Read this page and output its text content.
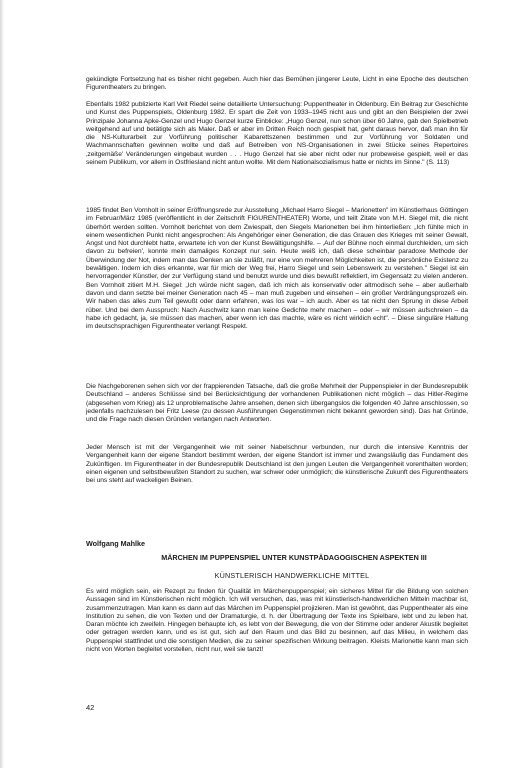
gekündigte Fortsetzung hat es bisher nicht gegeben. Auch hier das Bemühen jüngerer Leute, Licht in eine Epoche des deutschen Figurentheaters zu bringen.

Ebenfalls 1982 publizierte Karl Veit Riedel seine detaillierte Untersuchung: Puppentheater in Oldenburg. Ein Beitrag zur Geschichte und Kunst des Puppenspiels, Oldenburg 1982. Er spart die Zeit von 1933–1945 nicht aus und gibt an den Beispielen der zwei Prinzipale Johanna Apke-Genzel und Hugo Genzel kurze Einblicke: „Hugo Genzel, nun schon über 60 Jahre, gab den Spielbetrieb weitgehend auf und betätigte sich als Maler. Daß er aber im Dritten Reich noch gespielt hat, geht daraus hervor, daß man ihn für die NS-Kulturarbeit zur Vorführung politischer Kabarettszenen bestimmen und zur Vorführung vor Soldaten und Wachmannschaften gewinnen wollte und daß auf Betreiben von NS-Organisationen in zwei Stücke seines Repertoires ‚zeitgemäße' Veränderungen eingebaut wurden . . . Hugo Genzel hat sie aber nicht oder nur probeweise gespielt, weil er das seinem Publikum, vor allem in Ostfriesland nicht antun wollte. Mit dem Nationalsozialismus hatte er nichts im Sinne." (S. 113)

1985 findet Ben Vornholt in seiner Eröffnungsrede zur Ausstellung „Michael Harro Siegel – Marionetten" im Künstlerhaus Göttingen im Februar/März 1985 (veröffentlicht in der Zeitschrift FIGURENTHEATER) Worte, und teilt Zitate von M.H. Siegel mit, die nicht überhört werden sollten. Vornholt berichtet von dem Zwiespalt, den Siegels Marionetten bei ihm hinterließen: „Ich fühlte mich in einem wesentlichen Punkt nicht angesprochen: Als Angehöriger einer Generation, die das Grauen des Krieges mit seiner Gewalt, Angst und Not durchlebt hatte, erwartete ich von der Kunst Bewältigungshilfe. – ‚Auf der Bühne noch einmal durchleiden, um sich davon zu befreien', konnte mein damaliges Konzept nur sein. Heute weiß ich, daß diese scheinbar paradoxe Methode der Überwindung der Not, indem man das Denken an sie zuläßt, nur eine von mehreren Möglichkeiten ist, die persönliche Existenz zu bewältigen. Indem ich dies erkannte, war für mich der Weg frei, Harro Siegel und sein Lebenswerk zu verstehen." Siegel ist ein hervorragender Künstler, der zur Verfügung stand und benutzt wurde und dies bewußt reflektiert, im Gegensatz zu vielen anderen. Ben Vornholt zitiert M.H. Siegel: „Ich würde nicht sagen, daß ich mich als konservativ oder altmodisch sehe – aber außerhalb davon und dann setzte bei meiner Generation nach 45 – man muß zugeben und einsehen – ein großer Verdrängungsprozeß ein. Wir haben das alles zum Teil gewußt oder dann erfahren, was los war – ich auch. Aber es tat nicht den Sprung in diese Arbeit rüber. Und bei dem Ausspruch: Nach Auschwitz kann man keine Gedichte mehr machen – oder – wir müssen aufschreien – da habe ich gedacht, ja, sie müssen das machen, aber wenn ich das machte, wäre es nicht wirklich echt". – Diese singuläre Haltung im deutschsprachigen Figurentheater verlangt Respekt.

Die Nachgeborenen sehen sich vor der frappierenden Tatsache, daß die große Mehrheit der Puppenspieler in der Bundesrepublik Deutschland – anderes Schlüsse sind bei Berücksichtigung der vorhandenen Publikationen nicht möglich – das Hitler-Regime (abgesehen vom Krieg) als 12 unproblematische Jahre ansehen, denen sich übergangslos die folgenden 40 Jahre anschlossen, so jedenfalls nachzulesen bei Fritz Leese (zu dessen Ausführungen Gegenstimmen nicht bekannt geworden sind). Das hat Gründe, und die Frage nach diesen Gründen verlangen nach Antworten.

Jeder Mensch ist mit der Vergangenheit wie mit seiner Nabelschnur verbunden, nur durch die intensive Kenntnis der Vergangenheit kann der eigene Standort bestimmt werden, der eigene Standort ist immer und zwangsläufig das Fundament des Zukünftigen. Im Figurentheater in der Bundesrepublik Deutschland ist den jungen Leuten die Vergangenheit vorenthalten worden; einen eigenen und selbstbewußten Standort zu suchen, war schwer oder unmöglich; die künstlerische Zukunft des Figurentheaters bei uns steht auf wackeligen Beinen.

Wolfgang Mahlke
MÄRCHEN IM PUPPENSPIEL UNTER KUNSTPÄDAGOGISCHEN ASPEKTEN III
KÜNSTLERISCH HANDWERKLICHE MITTEL

Es wird möglich sein, ein Rezept zu finden für Qualität im Märchenpuppenspiel; ein sicheres Mittel für die Bildung von solchen Aussagen sind im Künstlerischen nicht möglich. Ich will versuchen, das, was mit künstlerisch-handwerklichen Mitteln machbar ist, zusammenzutragen. Man kann es dann auf das Märchen im Puppenspiel projizieren. Man ist gewöhnt, das Puppentheater als eine Institution zu sehen, die von Texten und der Dramaturgie, d. h. der Übertragung der Texte ins Spielbare, lebt und zu leben hat. Daran möchte ich zweifeln. Hingegen behaupte ich, es lebt von der Bewegung, die von der Stimme oder anderer Akustik begleitet oder getragen werden kann, und es ist gut, sich auf den Raum und das Bild zu besinnen, auf das Milieu, in welchem das Puppenspiel stattfindet und die sonstigen Medien, die zu seiner spezifischen Wirkung beitragen. Kleists Marionette kann man sich nicht von Worten begleitet vorstellen, nicht nur, weil sie tanzt!

42
